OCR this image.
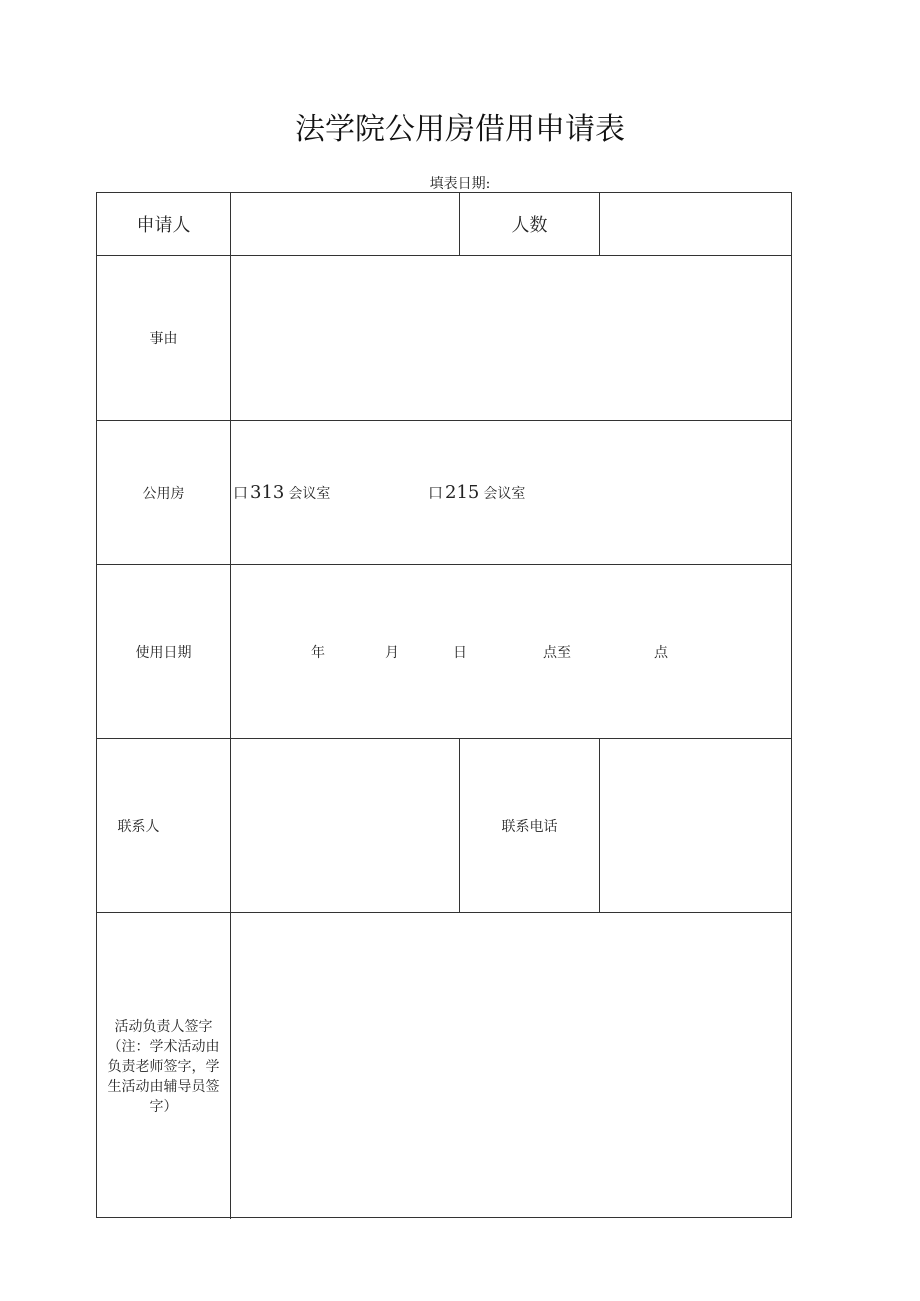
法学院公用房借用申请表
填表日期:
申请人	人数
事由
公用房	口 313 会议室	口 215 会议室
使用日期	年	月	日	点至	点
联系人	联系电话
活动负责人签字
（注：学术活动由
负责老师签字，学
生活动由辅导员签
字）
